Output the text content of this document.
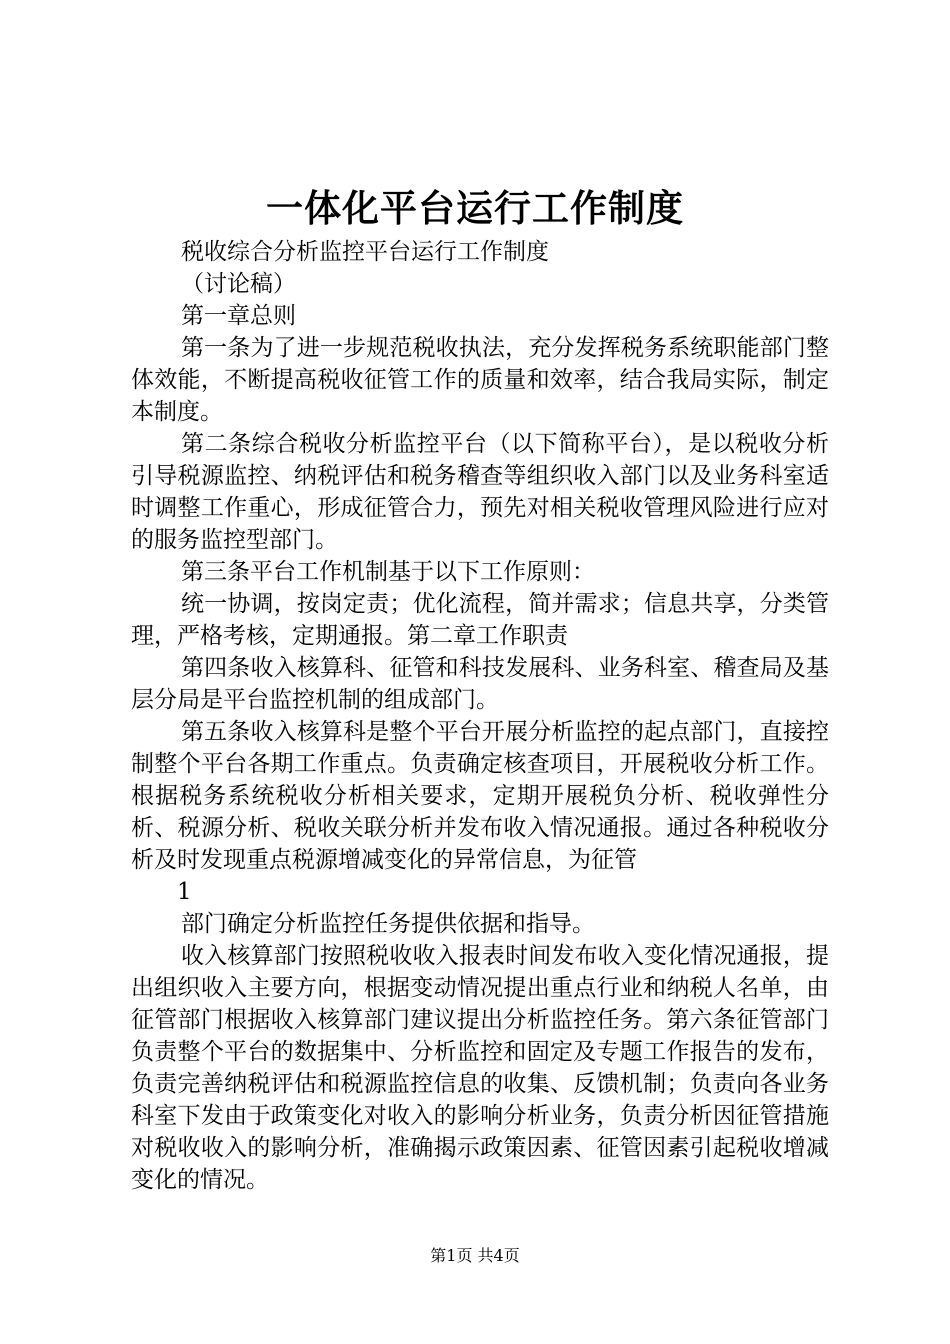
一体化平台运行工作制度

税收综合分析监控平台运行工作制度

（讨论稿）

第一章总则

第一条为了进一步规范税收执法，充分发挥税务系统职能部门整体效能，不断提高税收征管工作的质量和效率，结合我局实际，制定本制度。

第二条综合税收分析监控平台（以下简称平台），是以税收分析引导税源监控、纳税评估和税务稽查等组织收入部门以及业务科室适时调整工作重心，形成征管合力，预先对相关税收管理风险进行应对的服务监控型部门。

第三条平台工作机制基于以下工作原则：

统一协调，按岗定责；优化流程，简并需求；信息共享，分类管理，严格考核，定期通报。第二章工作职责

第四条收入核算科、征管和科技发展科、业务科室、稽查局及基层分局是平台监控机制的组成部门。

第五条收入核算科是整个平台开展分析监控的起点部门，直接控制整个平台各期工作重点。负责确定核查项目，开展税收分析工作。根据税务系统税收分析相关要求，定期开展税负分析、税收弹性分析、税源分析、税收关联分析并发布收入情况通报。通过各种税收分析及时发现重点税源增减变化的异常信息，为征管

1

部门确定分析监控任务提供依据和指导。

收入核算部门按照税收收入报表时间发布收入变化情况通报，提出组织收入主要方向，根据变动情况提出重点行业和纳税人名单，由征管部门根据收入核算部门建议提出分析监控任务。第六条征管部门负责整个平台的数据集中、分析监控和固定及专题工作报告的发布，负责完善纳税评估和税源监控信息的收集、反馈机制；负责向各业务科室下发由于政策变化对收入的影响分析业务，负责分析因征管措施对税收收入的影响分析，准确揭示政策因素、征管因素引起税收增减变化的情况。

第1页 共4页
